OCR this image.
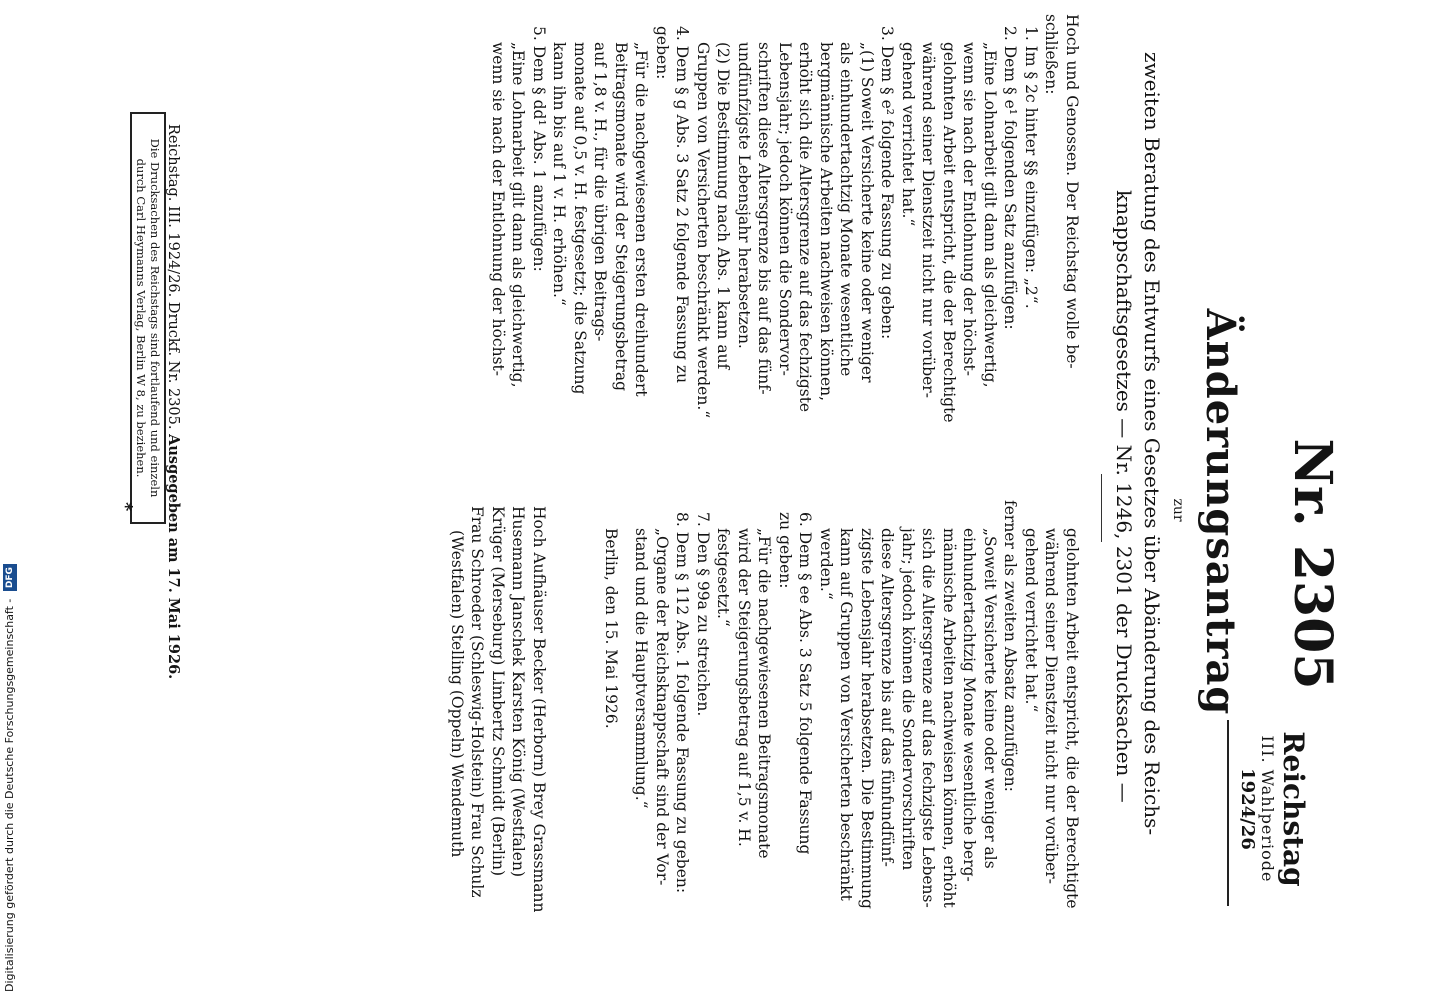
Reichstag
III. Wahlperiode
1924/26
Nr. 2305
Änderungsantrag
zur
zweiten Beratung des Entwurfs eines Gesetzes über Abänderung des Reichs-
knappschaftsgesetzes — Nr. 1246, 2301 der Drucksachen —
Hoch und Genossen. Der Reichstag wolle be-
schließen:
1. Im § 2c hinter §§ einzufügen: „2“.
2. Dem § e¹ folgenden Satz anzufügen:
„Eine Lohnarbeit gilt dann als gleichwertig,
wenn sie nach der Entlohnung der höchst-
gelohnten Arbeit entspricht, die der Berechtigte
während seiner Dienstzeit nicht nur vorüber-
gehend verrichtet hat.“
3. Dem § e² folgende Fassung zu geben:
„(1) Soweit Versicherte keine oder weniger
als einhundertachtzig Monate wesentliche
bergmännische Arbeiten nachweisen können,
erhöht sich die Altersgrenze auf das fechzigste
Lebensjahr; jedoch können die Sondervor-
schriften diese Altersgrenze bis auf das fünf-
undfünfzigste Lebensjahr herabsetzen.
(2) Die Bestimmung nach Abs. 1 kann auf
Gruppen von Versicherten beschränkt werden.“
4. Dem § g Abs. 3 Satz 2 folgende Fassung zu
geben:
„Für die nachgewiesenen ersten dreihundert
Beitragsmonate wird der Steigerungsbetrag
auf 1,8 v. H., für die übrigen Beitrags-
monate auf 0,5 v. H. festgesetzt; die Satzung
kann ihn bis auf 1 v. H. erhöhen.“
5. Dem § dd¹ Abs. 1 anzufügen:
„Eine Lohnarbeit gilt dann als gleichwertig,
wenn sie nach der Entlohnung der höchst-
gelohnten Arbeit entspricht, die der Berechtigte
während seiner Dienstzeit nicht nur vorüber-
gehend verrichtet hat.“
ferner als zweiten Absatz anzufügen:
„Soweit Versicherte keine oder weniger als
einhundertachtzig Monate wesentliche berg-
männische Arbeiten nachweisen können, erhöht
sich die Altersgrenze auf das fechzigste Lebens-
jahr; jedoch können die Sondervorschriften
diese Altersgrenze bis auf das fünfundfünf-
zigste Lebensjahr herabsetzen. Die Bestimmung
kann auf Gruppen von Versicherten beschränkt
werden.“
6. Dem § ee Abs. 3 Satz 5 folgende Fassung
zu geben:
„Für die nachgewiesenen Beitragsmonate
wird der Steigerungsbetrag auf 1,5 v. H.
festgesetzt.“
7. Den § 99a zu streichen.
8. Dem § 112 Abs. 1 folgende Fassung zu geben:
„Organe der Reichsknappschaft sind der Vor-
stand und die Hauptversammlung.“
Berlin, den 15. Mai 1926.
Hoch Aufhäuser Becker (Herborn) Brey Grassmann
Husemann Janschek Karsten König (Westfalen)
Krüger (Merseburg) Limbertz Schmidt (Berlin)
Frau Schroeder (Schleswig-Holstein) Frau Schulz
(Westfalen) Stelling (Oppeln) Wendemuth
Reichstag. III. 1924/26. Druckf. Nr. 2305. Ausgegeben am 17. Mai 1926.
Die Drucksachen des Reichstags sind fortlaufend und einzeln
durch Carl Heymanns Verlag, Berlin W 8, zu beziehen.
*
Digitalisierung gefördert durch die Deutsche Forschungsgemeinschaft - DFG
